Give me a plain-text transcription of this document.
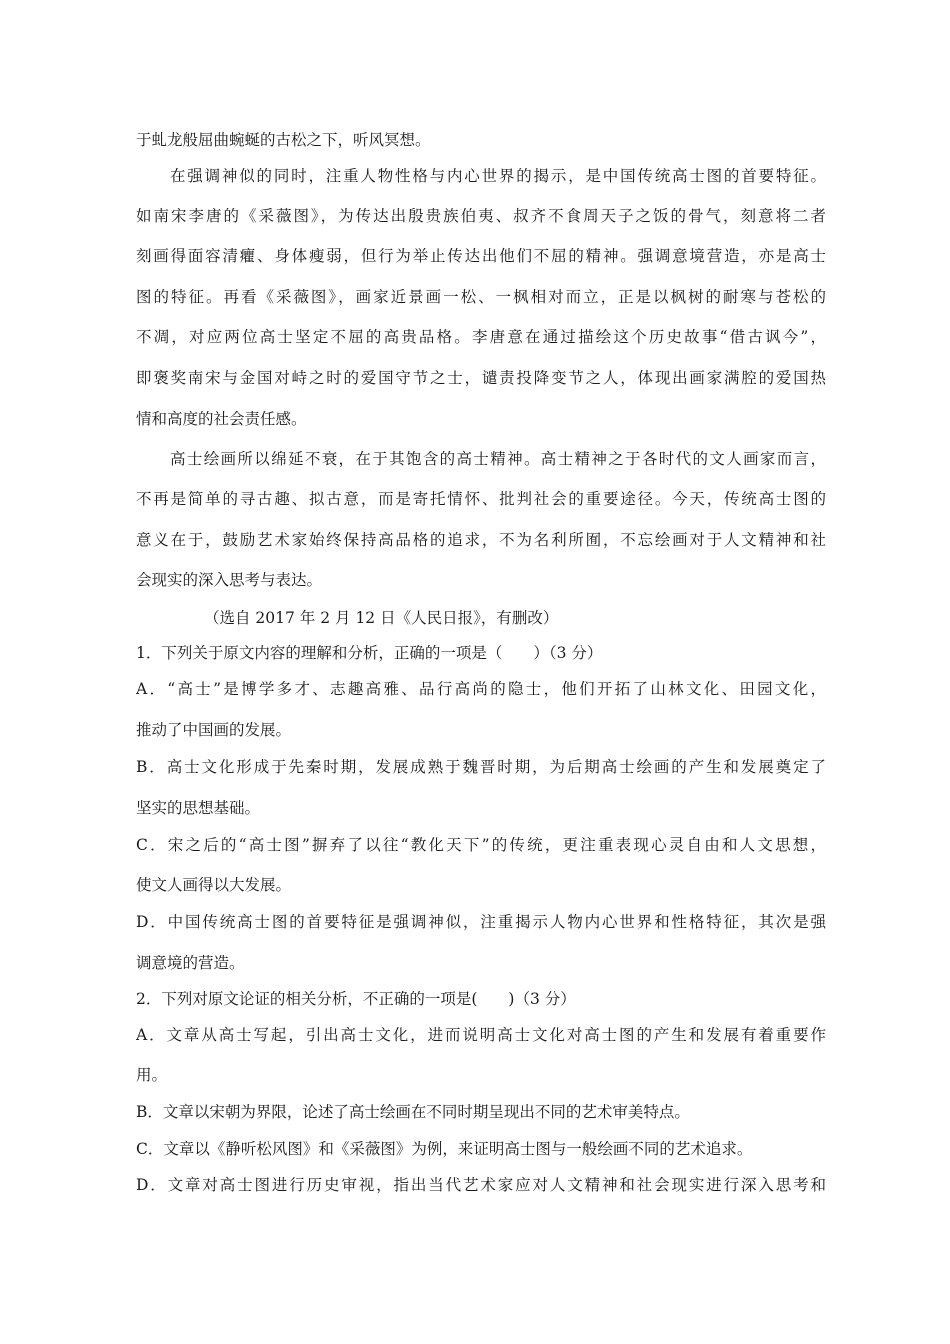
于虬龙般屈曲蜿蜒的古松之下，听风冥想。
在强调神似的同时，注重人物性格与内心世界的揭示，是中国传统高士图的首要特征。
如南宋李唐的《采薇图》，为传达出殷贵族伯夷、叔齐不食周天子之饭的骨气，刻意将二者
刻画得面容清癯、身体瘦弱，但行为举止传达出他们不屈的精神。强调意境营造，亦是高士
图的特征。再看《采薇图》，画家近景画一松、一枫相对而立，正是以枫树的耐寒与苍松的
不凋，对应两位高士坚定不屈的高贵品格。李唐意在通过描绘这个历史故事“借古讽今”，
即褒奖南宋与金国对峙之时的爱国守节之士，谴责投降变节之人，体现出画家满腔的爱国热
情和高度的社会责任感。
高士绘画所以绵延不衰，在于其饱含的高士精神。高士精神之于各时代的文人画家而言，
不再是简单的寻古趣、拟古意，而是寄托情怀、批判社会的重要途径。今天，传统高士图的
意义在于，鼓励艺术家始终保持高品格的追求，不为名利所囿，不忘绘画对于人文精神和社
会现实的深入思考与表达。
（选自 2017 年 2 月 12 日《人民日报》，有删改）
1．下列关于原文内容的理解和分析，正确的一项是（　　）（3 分）
A．“高士”是博学多才、志趣高雅、品行高尚的隐士，他们开拓了山林文化、田园文化，
推动了中国画的发展。
B．高士文化形成于先秦时期，发展成熟于魏晋时期，为后期高士绘画的产生和发展奠定了
坚实的思想基础。
C．宋之后的“高士图”摒弃了以往“教化天下”的传统，更注重表现心灵自由和人文思想，
使文人画得以大发展。
D．中国传统高士图的首要特征是强调神似，注重揭示人物内心世界和性格特征，其次是强
调意境的营造。
2．下列对原文论证的相关分析，不正确的一项是(　　)（3 分）
A．文章从高士写起，引出高士文化，进而说明高士文化对高士图的产生和发展有着重要作
用。
B．文章以宋朝为界限，论述了高士绘画在不同时期呈现出不同的艺术审美特点。
C．文章以《静听松风图》和《采薇图》为例，来证明高士图与一般绘画不同的艺术追求。
D．文章对高士图进行历史审视，指出当代艺术家应对人文精神和社会现实进行深入思考和
